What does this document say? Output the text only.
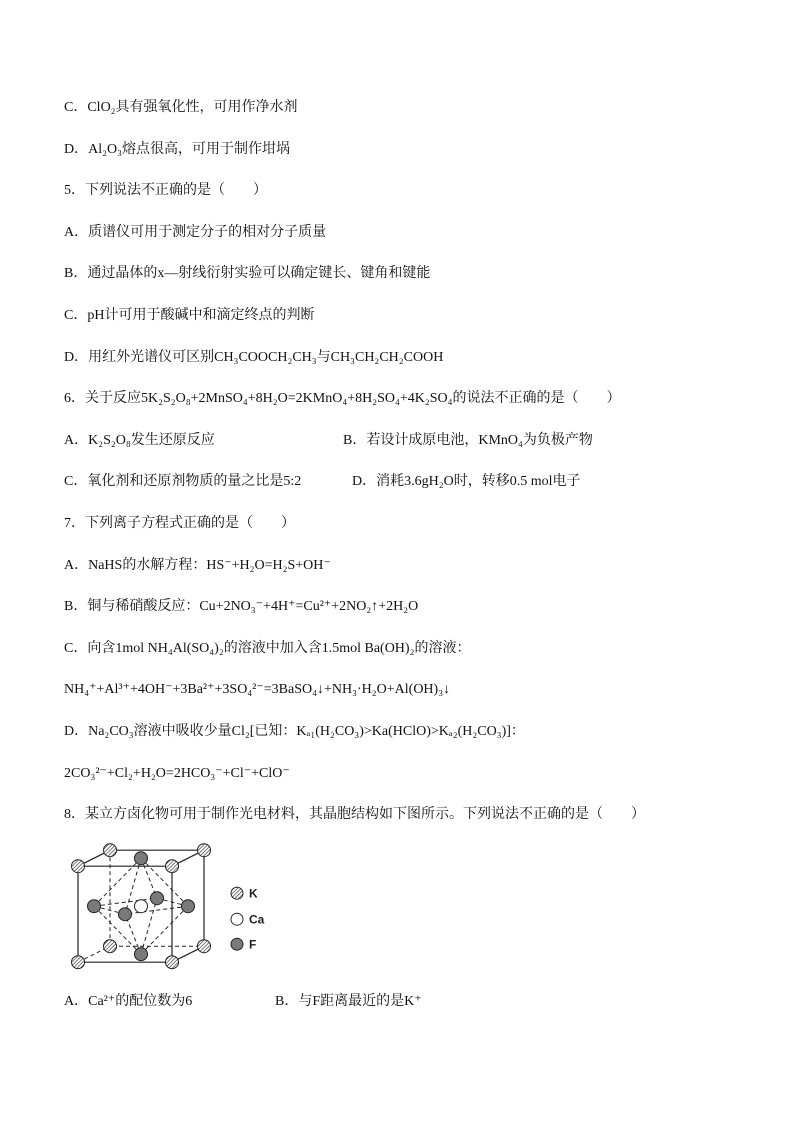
C．ClO₂具有强氧化性，可用作净水剂
D．Al₂O₃熔点很高，可用于制作坩埚
5．下列说法不正确的是（　　）
A．质谱仪可用于测定分子的相对分子质量
B．通过晶体的x—射线衍射实验可以确定键长、键角和键能
C．pH计可用于酸碱中和滴定终点的判断
D．用红外光谱仪可区别CH₃COOCH₂CH₃与CH₃CH₂CH₂COOH
6．关于反应5K₂S₂O₈+2MnSO₄+8H₂O=2KMnO₄+8H₂SO₄+4K₂SO₄的说法不正确的是（　　）
A．K₂S₂O₈发生还原反应	B．若设计成原电池，KMnO₄为负极产物
C．氧化剂和还原剂物质的量之比是5:2	D．消耗3.6gH₂O时，转移0.5 mol电子
7．下列离子方程式正确的是（　　）
A．NaHS的水解方程：HS⁻+H₂O=H₂S+OH⁻
B．铜与稀硝酸反应：Cu+2NO₃⁻+4H⁺=Cu²⁺+2NO₂↑+2H₂O
C．向含1mol NH₄Al(SO₄)₂的溶液中加入含1.5mol Ba(OH)₂的溶液：
NH₄⁺+Al³⁺+4OH⁻+3Ba²⁺+3SO₄²⁻=3BaSO₄↓+NH₃·H₂O+Al(OH)₃↓
D．Na₂CO₃溶液中吸收少量Cl₂[已知：Kₐ₁(H₂CO₃)>Ka(HClO)>Kₐ₂(H₂CO₃)]：
2CO₃²⁻+Cl₂+H₂O=2HCO₃⁻+Cl⁻+ClO⁻
8．某立方卤化物可用于制作光电材料，其晶胞结构如下图所示。下列说法不正确的是（　　）
K
Ca
F
A．Ca²⁺的配位数为6	B．与F距离最近的是K⁺
